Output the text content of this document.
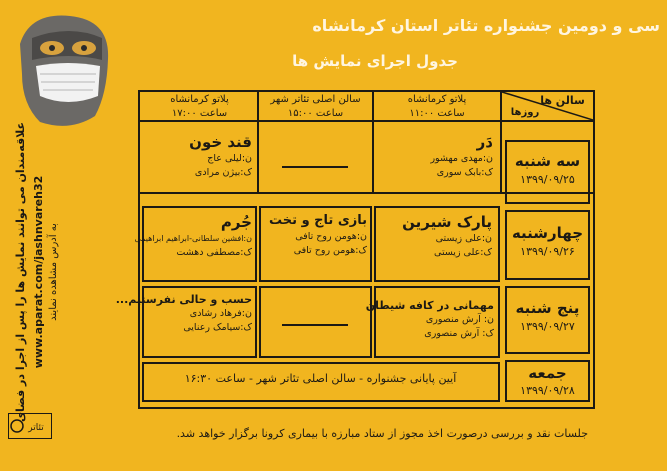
سی و دومین جشنواره تئاتر استان کرمانشاه
جدول اجرای نمایش ها
علاقه‌مندان می توانند نمایش ها را پس از اجرا در فضای www.aparat.com/jashnvareh32 به آدرس مشاهده نمایند
تئاتر
سالن ها
روزها
پلاتو کرمانشاه
ساعت ۱۱:۰۰
سالن اصلی تئاتر شهر
ساعت ۱۵:۰۰
پلاتو کرمانشاه
ساعت ۱۷:۰۰
دَر
ن:مهدی مهشور
ک:بابک سوری
قند خون
ن:لیلی عاج
ک:بیژن مرادی
پارک شیرین
ن:علی زیستی
ک:علی زیستی
بازی تاج و تخت
ن:هومن روح تافی
ک:هومن روح تافی
جُرم
ن:افشین سلطانی-ابراهیم ابراهیمی
ک:مصطفی دهشت
مهمانی در کافه شیطان
ن: آرش منصوری
ک: آرش منصوری
حسب و حالی نفرستیم...
ن:فرهاد رشادی
ک:سیامک رعنایی
سه شنبه
۱۳۹۹/۰۹/۲۵
چهارشنبه
۱۳۹۹/۰۹/۲۶
پنج شنبه
۱۳۹۹/۰۹/۲۷
جمعه
۱۳۹۹/۰۹/۲۸
آیین پایانی جشنواره - سالن اصلی تئاتر شهر - ساعت ۱۶:۳۰
جلسات نقد و بررسی درصورت اخذ مجوز از ستاد مبارزه با بیماری کرونا برگزار خواهد شد.
